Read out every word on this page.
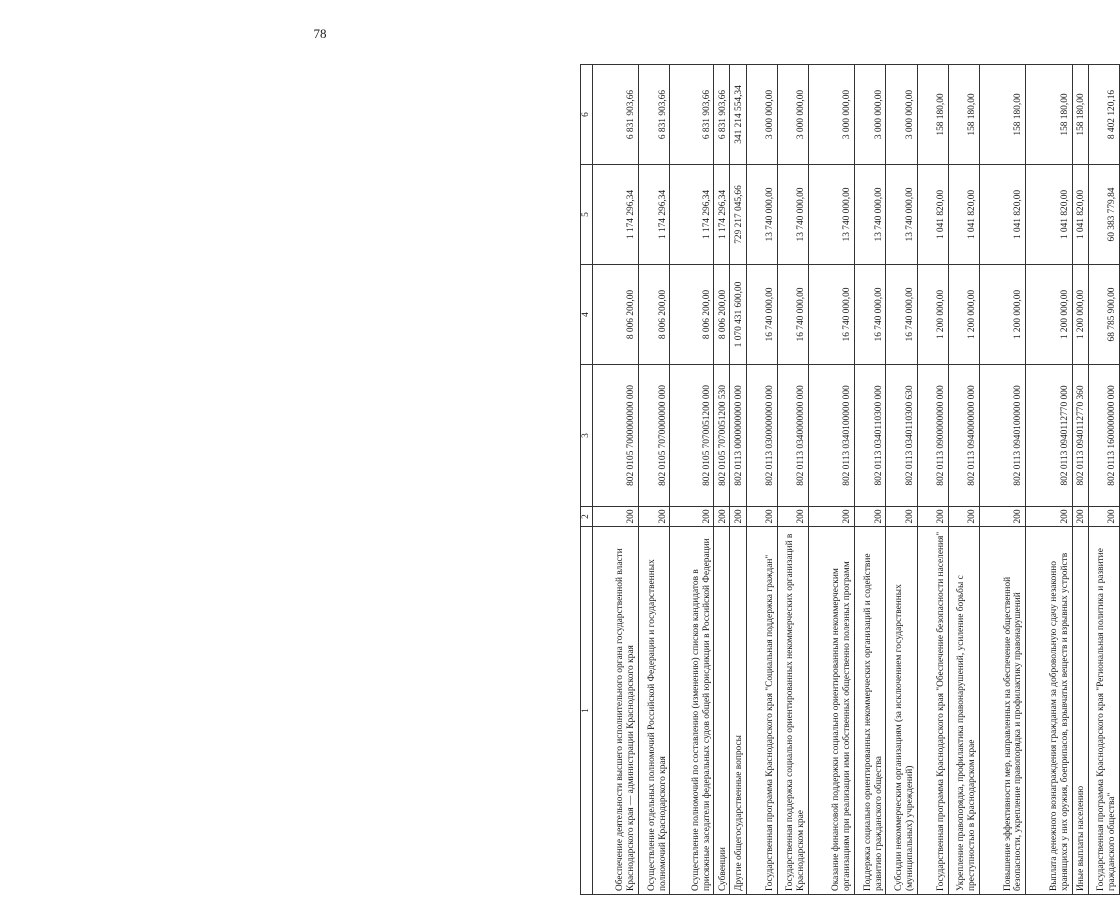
78
1	2	3	4	5	6
Обеспечение деятельности высшего исполнительного органа государственной власти Краснодарского края — администрации Краснодарского края	200	802 0105 7000000000 000	8 006 200,00	1 174 296,34	6 831 903,66
Осуществление отдельных полномочий Российской Федерации и государственных полномочий Краснодарского края	200	802 0105 7070000000 000	8 006 200,00	1 174 296,34	6 831 903,66
Осуществление полномочий по составлению (изменению) списков кандидатов в присяжные заседатели федеральных судов общей юрисдикции в Российской Федерации	200	802 0105 7070051200 000	8 006 200,00	1 174 296,34	6 831 903,66
Субвенции	200	802 0105 7070051200 530	8 006 200,00	1 174 296,34	6 831 903,66
Другие общегосударственные вопросы	200	802 0113 0000000000 000	1 070 431 600,00	729 217 045,66	341 214 554,34
Государственная программа Краснодарского края "Социальная поддержка граждан"	200	802 0113 0300000000 000	16 740 000,00	13 740 000,00	3 000 000,00
Государственная поддержка социально ориентированных некоммерческих организаций в Краснодарском крае	200	802 0113 0340000000 000	16 740 000,00	13 740 000,00	3 000 000,00
Оказание финансовой поддержки социально ориентированным некоммерческим организациям при реализации ими собственных общественно полезных программ	200	802 0113 0340100000 000	16 740 000,00	13 740 000,00	3 000 000,00
Поддержка социально ориентированных некоммерческих организаций и содействие развитию гражданского общества	200	802 0113 0340110300 000	16 740 000,00	13 740 000,00	3 000 000,00
Субсидии некоммерческим организациям (за исключением государственных (муниципальных) учреждений)	200	802 0113 0340110300 630	16 740 000,00	13 740 000,00	3 000 000,00
Государственная программа Краснодарского края "Обеспечение безопасности населения"	200	802 0113 0900000000 000	1 200 000,00	1 041 820,00	158 180,00
Укрепление правопорядка, профилактика правонарушений, усиление борьбы с преступностью в Краснодарском крае	200	802 0113 0940000000 000	1 200 000,00	1 041 820,00	158 180,00
Повышение эффективности мер, направленных на обеспечение общественной безопасности, укрепление правопорядка и профилактику правонарушений	200	802 0113 0940100000 000	1 200 000,00	1 041 820,00	158 180,00
Выплата денежного вознаграждения гражданам за добровольную сдачу незаконно хранящихся у них оружия, боеприпасов, взрывчатых веществ и взрывных устройств	200	802 0113 0940112770 000	1 200 000,00	1 041 820,00	158 180,00
Иные выплаты населению	200	802 0113 0940112770 360	1 200 000,00	1 041 820,00	158 180,00
Государственная программа Краснодарского края "Региональная политика и развитие гражданского общества"	200	802 0113 1600000000 000	68 785 900,00	60 383 779,84	8 402 120,16
